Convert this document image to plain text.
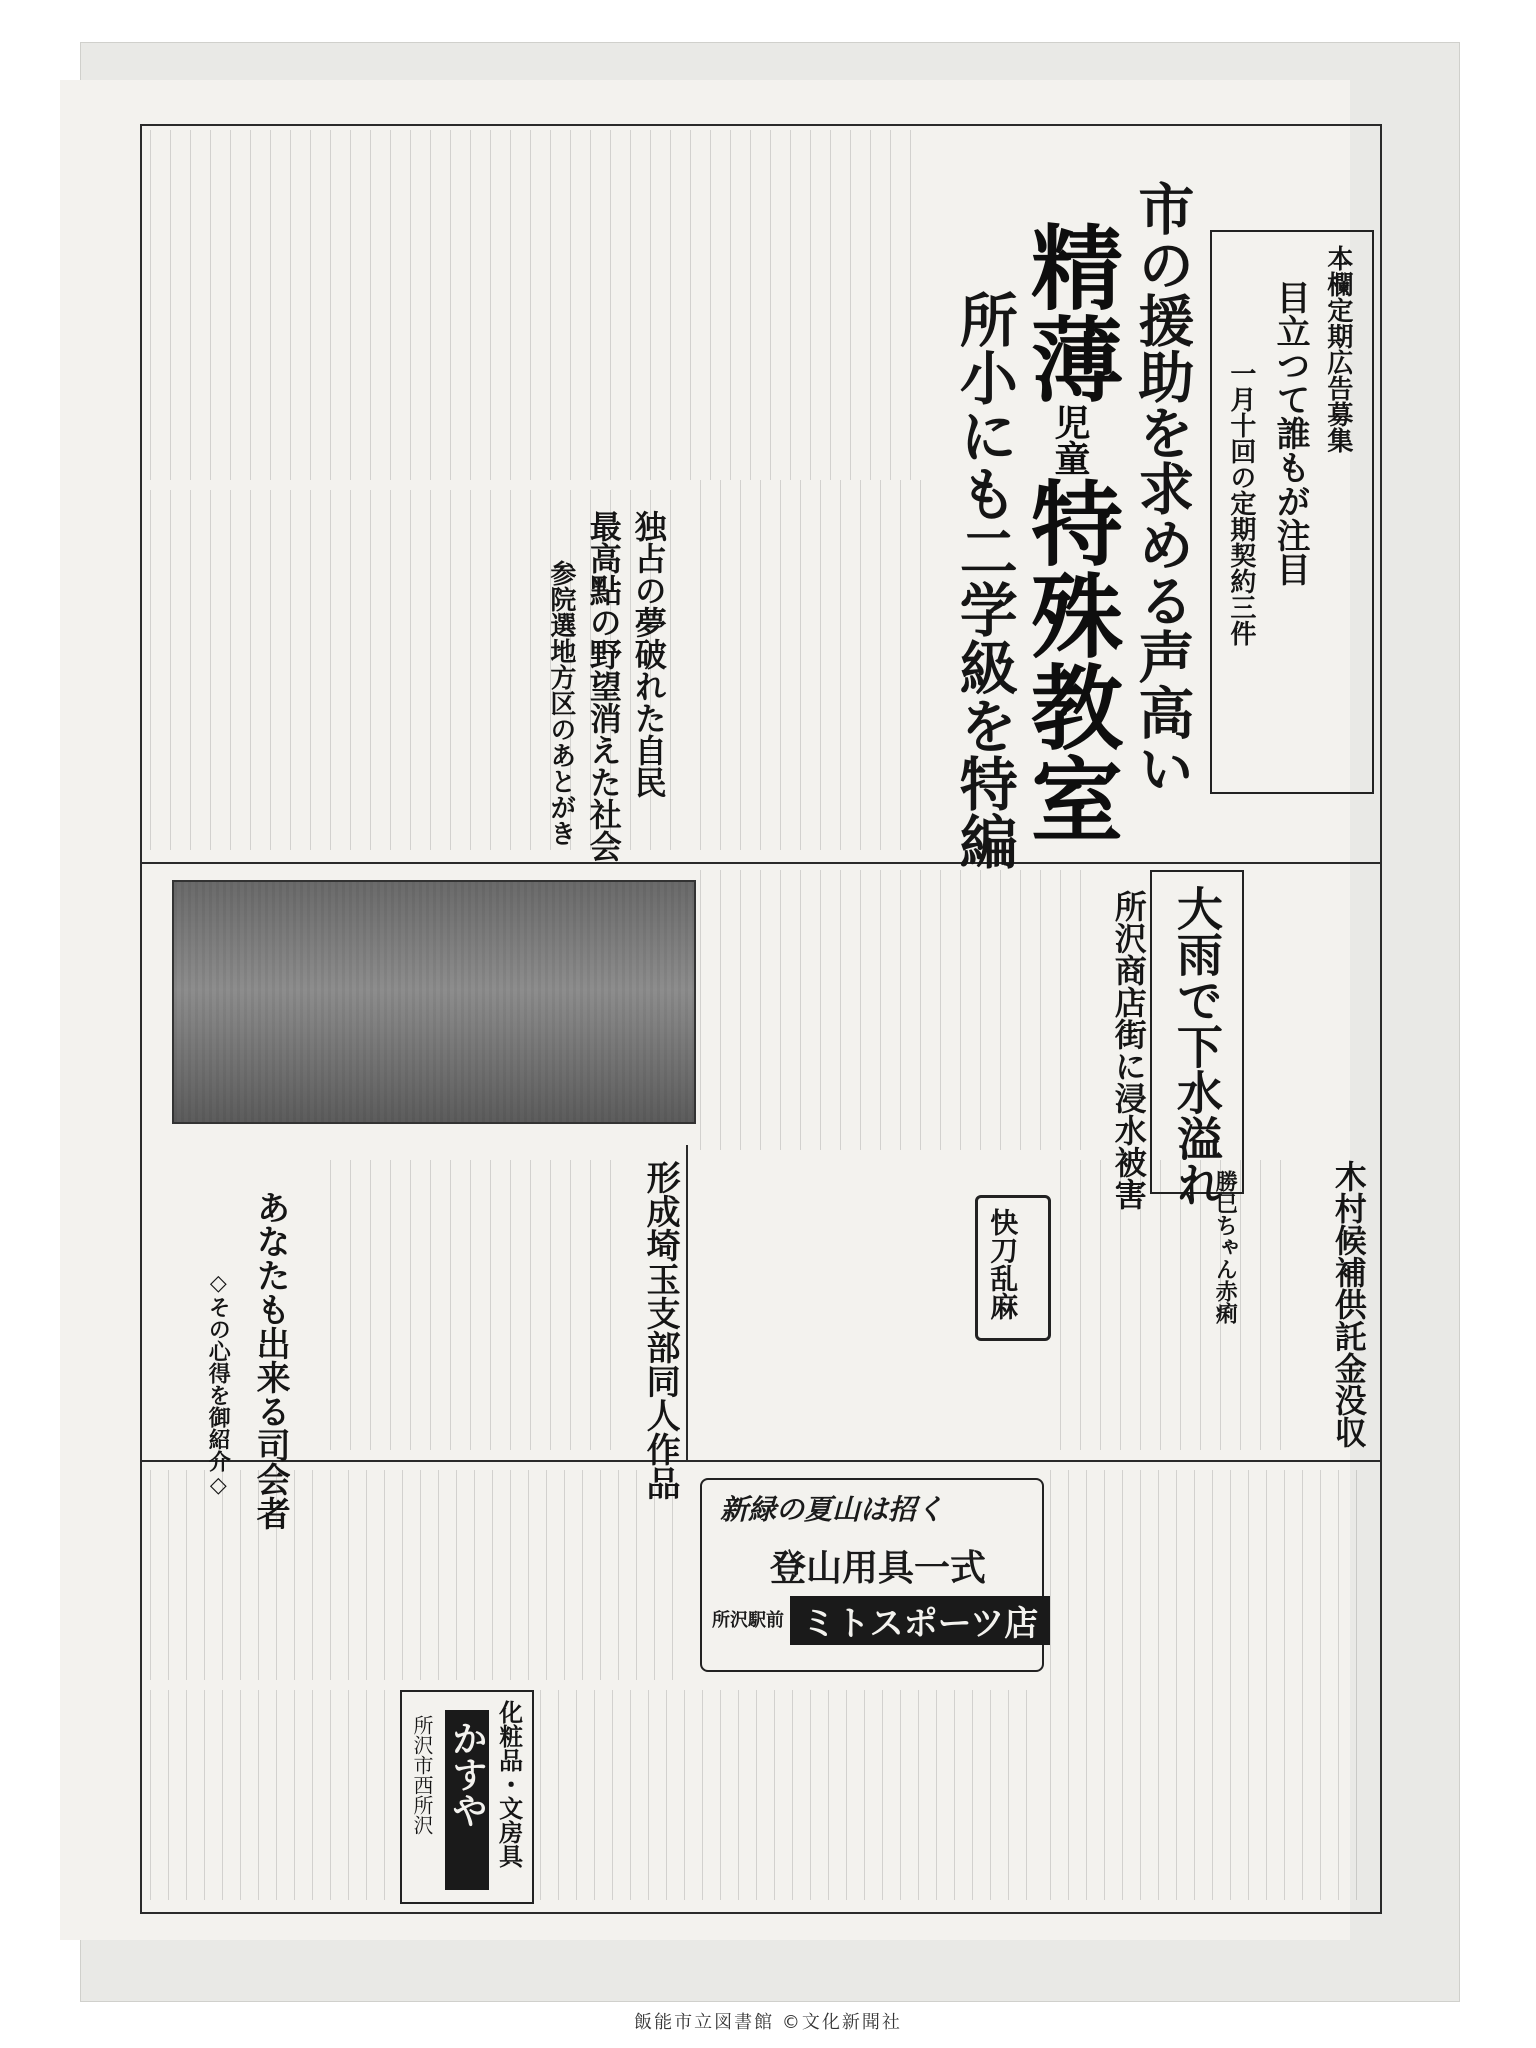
本欄定期広告募集
目立つて誰もが注目
一月十回の定期契約三件
市の援助を求める声高い
精薄児童特殊教室
所小にも二学級を特編
独占の夢破れた自民
最高點の野望消えた社会
参院選地方区のあとがき
大雨で下水溢れ
所沢商店街に浸水被害
木村候補供託金没収
勝巳ちゃん赤痢
快刀乱麻
形成埼玉支部同人作品
あなたも出来る司会者
◇その心得を御紹介◇
新緑の夏山は招く
登山用具一式
所沢駅前 ミトスポーツ店
化粧品・文房具
かすや
所沢市西所沢
飯能市立図書館 ©文化新聞社
